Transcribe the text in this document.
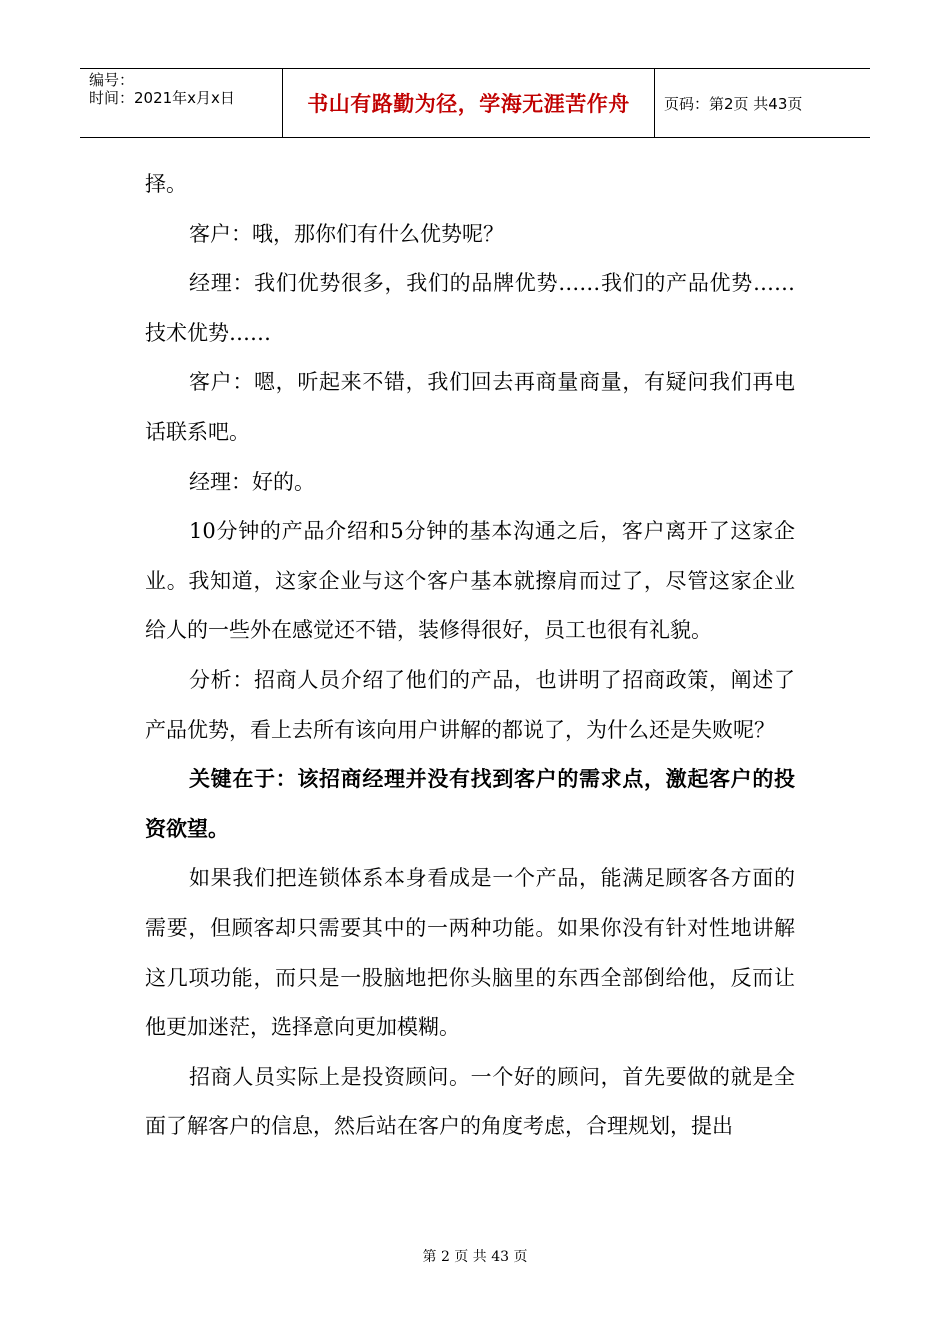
编号：
时间：2021年x月x日	书山有路勤为径，学海无涯苦作舟	页码：第2页 共43页

择。

客户：哦，那你们有什么优势呢？

经理：我们优势很多，我们的品牌优势……我们的产品优势……技术优势……

客户：嗯，听起来不错，我们回去再商量商量，有疑问我们再电话联系吧。

经理：好的。

10分钟的产品介绍和5分钟的基本沟通之后，客户离开了这家企业。我知道，这家企业与这个客户基本就擦肩而过了，尽管这家企业给人的一些外在感觉还不错，装修得很好，员工也很有礼貌。

分析：招商人员介绍了他们的产品，也讲明了招商政策，阐述了产品优势，看上去所有该向用户讲解的都说了，为什么还是失败呢？

关键在于：该招商经理并没有找到客户的需求点，激起客户的投资欲望。

如果我们把连锁体系本身看成是一个产品，能满足顾客各方面的需要，但顾客却只需要其中的一两种功能。如果你没有针对性地讲解这几项功能，而只是一股脑地把你头脑里的东西全部倒给他，反而让他更加迷茫，选择意向更加模糊。

招商人员实际上是投资顾问。一个好的顾问，首先要做的就是全面了解客户的信息，然后站在客户的角度考虑，合理规划，提出

第 2 页 共 43 页
